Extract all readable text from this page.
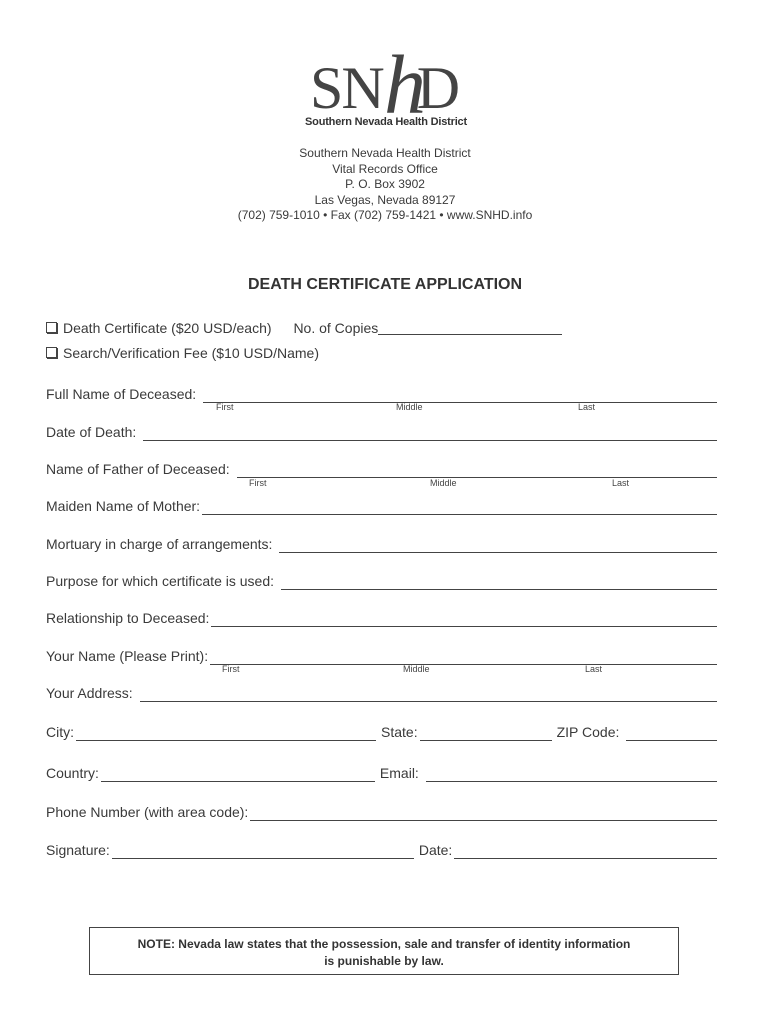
SN D
h
Southern Nevada Health District
Southern Nevada Health District
Vital Records Office
P. O. Box 3902
Las Vegas, Nevada 89127
(702) 759-1010 • Fax (702) 759-1421 • www.SNHD.info
DEATH CERTIFICATE APPLICATION
Death Certificate ($20 USD/each) No. of Copies
Search/Verification Fee ($10 USD/Name)
Full Name of Deceased:
First	Middle	Last
Date of Death:
Name of Father of Deceased:
First	Middle	Last
Maiden Name of Mother:
Mortuary in charge of arrangements:
Purpose for which certificate is used:
Relationship to Deceased:
Your Name (Please Print):
First	Middle	Last
Your Address:
City:	State:	ZIP Code:
Country:	Email:
Phone Number (with area code):
Signature:	Date:
NOTE: Nevada law states that the possession, sale and transfer of identity information
is punishable by law.
